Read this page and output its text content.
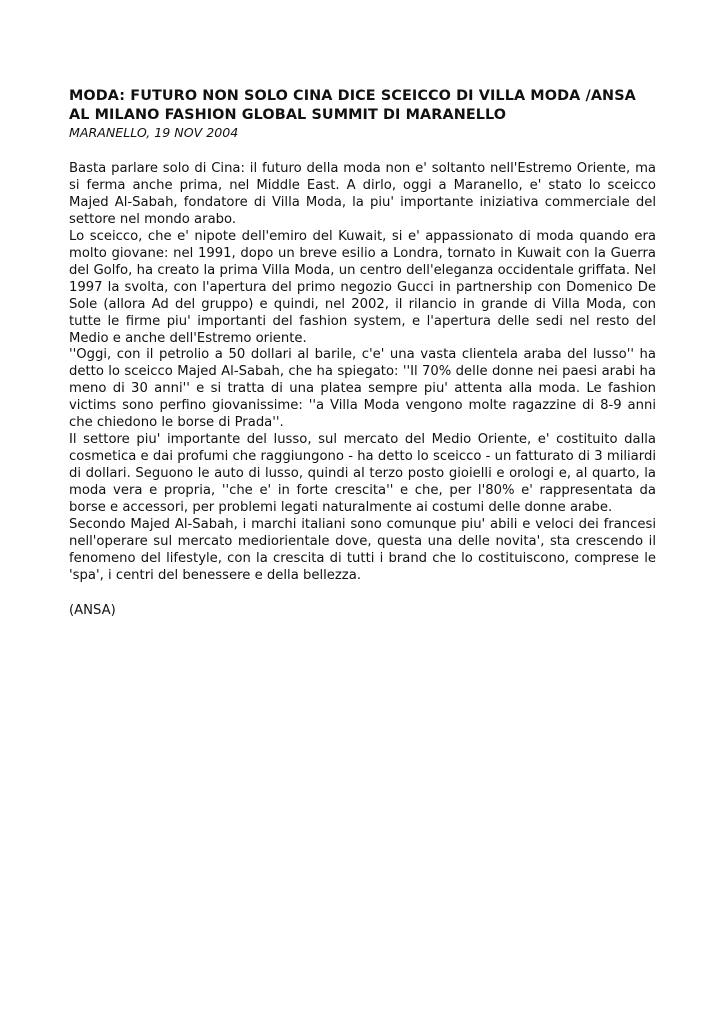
MODA: FUTURO NON SOLO CINA DICE SCEICCO DI VILLA MODA /ANSA
AL MILANO FASHION GLOBAL SUMMIT DI MARANELLO

MARANELLO, 19 NOV 2004

Basta parlare solo di Cina: il futuro della moda non e' soltanto nell'Estremo Oriente, ma si ferma anche prima, nel Middle East. A dirlo, oggi a Maranello, e' stato lo sceicco Majed Al-Sabah, fondatore di Villa Moda, la piu' importante iniziativa commerciale del settore nel mondo arabo.

Lo sceicco, che e' nipote dell'emiro del Kuwait, si e' appassionato di moda quando era molto giovane: nel 1991, dopo un breve esilio a Londra, tornato in Kuwait con la Guerra del Golfo, ha creato la prima Villa Moda, un centro dell'eleganza occidentale griffata. Nel 1997 la svolta, con l'apertura del primo negozio Gucci in partnership con Domenico De Sole (allora Ad del gruppo) e quindi, nel 2002, il rilancio in grande di Villa Moda, con tutte le firme piu' importanti del fashion system, e l'apertura delle sedi nel resto del Medio e anche dell'Estremo oriente.

''Oggi, con il petrolio a 50 dollari al barile, c'e' una vasta clientela araba del lusso'' ha detto lo sceicco Majed Al-Sabah, che ha spiegato: ''Il 70% delle donne nei paesi arabi ha meno di 30 anni'' e si tratta di una platea sempre piu' attenta alla moda. Le fashion victims sono perfino giovanissime: ''a Villa Moda vengono molte ragazzine di 8-9 anni che chiedono le borse di Prada''.

Il settore piu' importante del lusso, sul mercato del Medio Oriente, e' costituito dalla cosmetica e dai profumi che raggiungono - ha detto lo sceicco - un fatturato di 3 miliardi di dollari. Seguono le auto di lusso, quindi al terzo posto gioielli e orologi e, al quarto, la moda vera e propria, ''che e' in forte crescita'' e che, per l'80% e' rappresentata da borse e accessori, per problemi legati naturalmente ai costumi delle donne arabe.

Secondo Majed Al-Sabah, i marchi italiani sono comunque piu' abili e veloci dei francesi nell'operare sul mercato mediorientale dove, questa una delle novita', sta crescendo il fenomeno del lifestyle, con la crescita di tutti i brand che lo costituiscono, comprese le 'spa', i centri del benessere e della bellezza.

(ANSA)
